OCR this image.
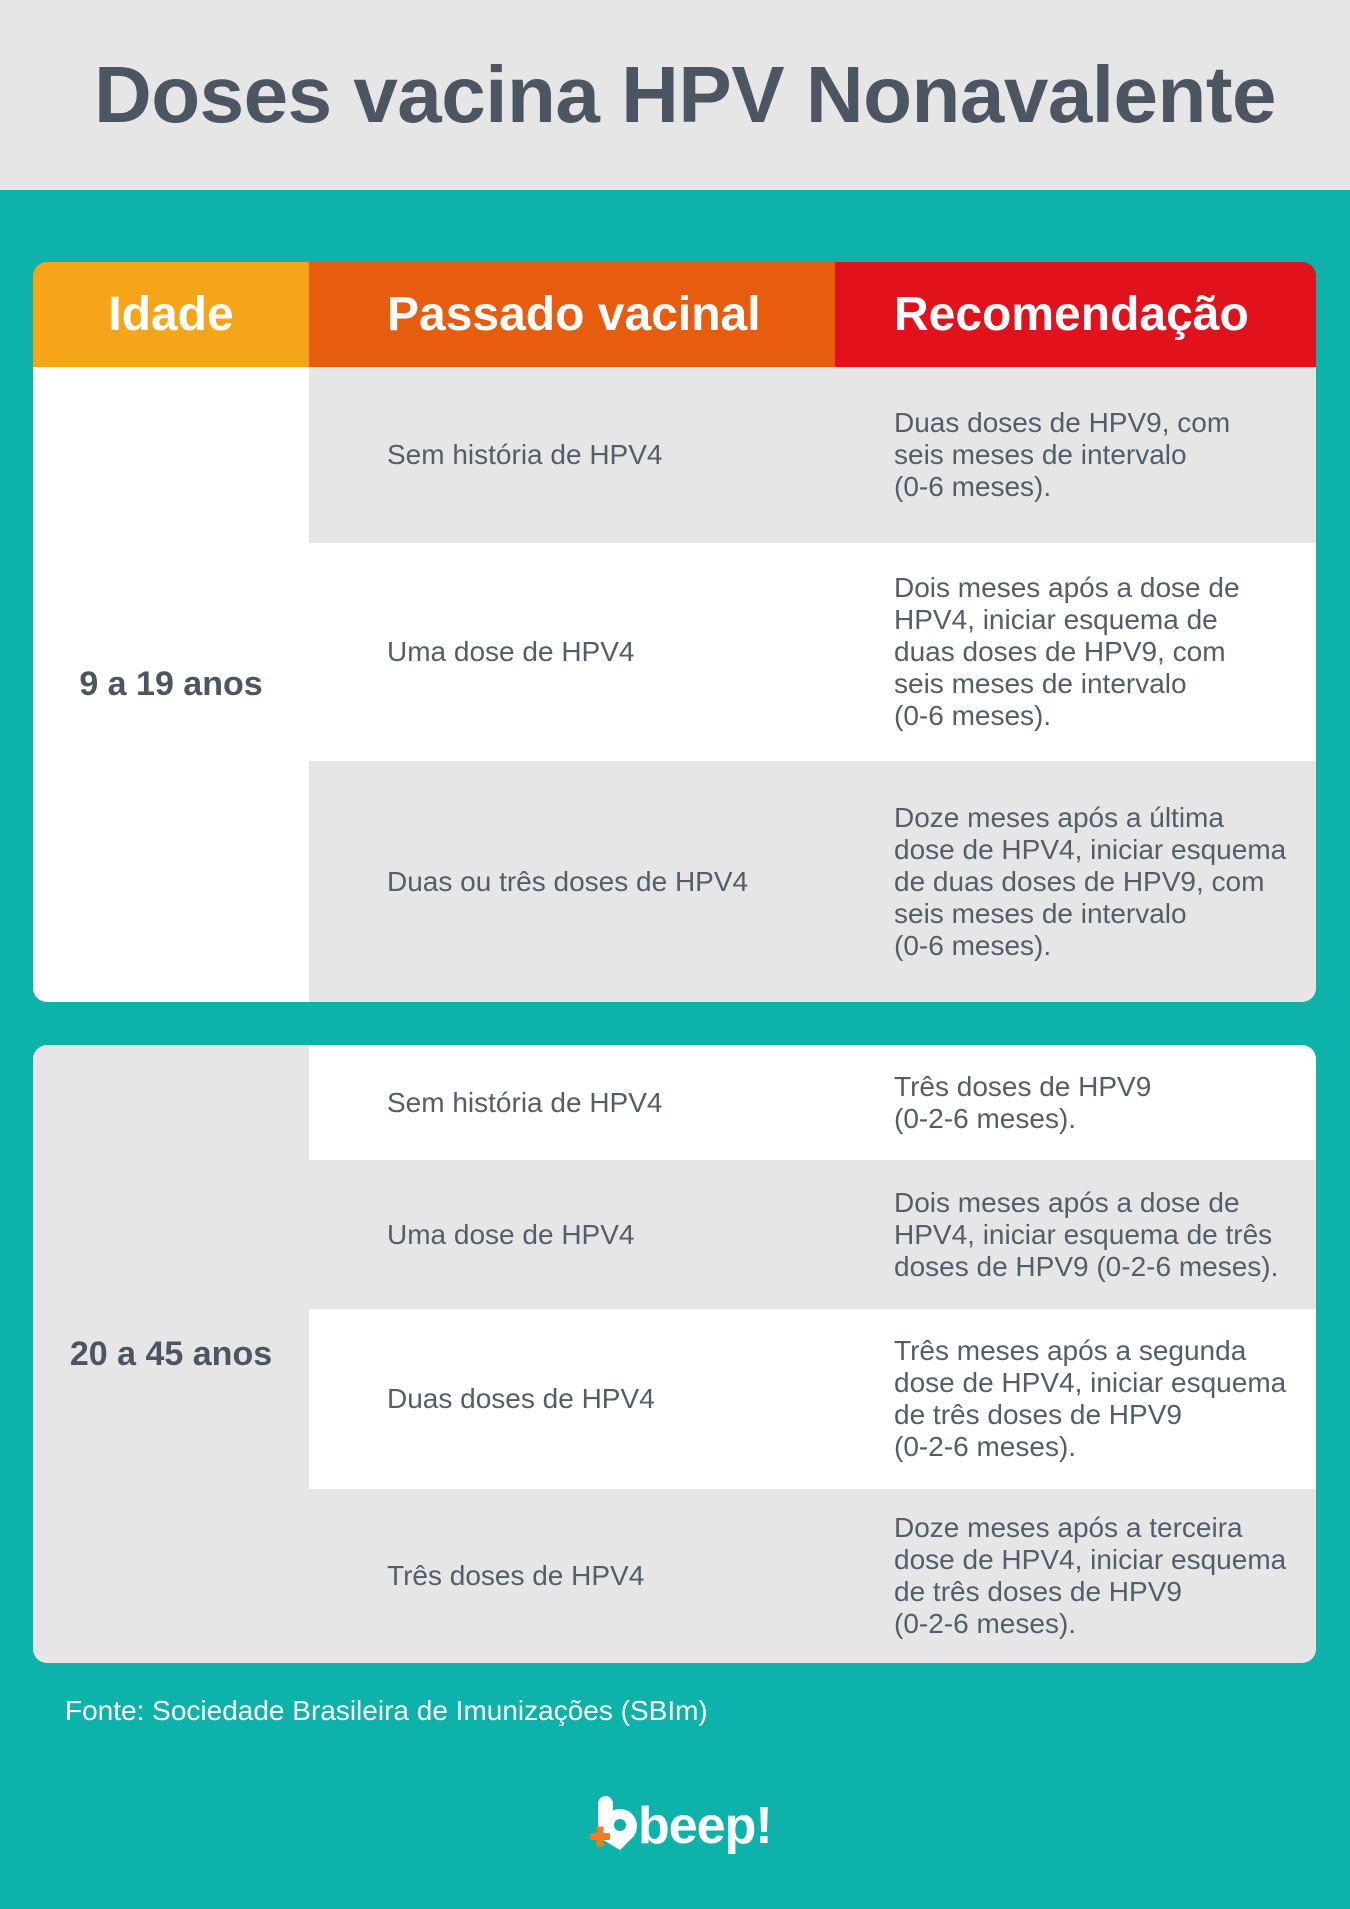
Doses vacina HPV Nonavalente
Idade	Passado vacinal	Recomendação
9 a 19 anos
Sem história de HPV4
Duas doses de HPV9, com
seis meses de intervalo
(0-6 meses).
Uma dose de HPV4
Dois meses após a dose de
HPV4, iniciar esquema de
duas doses de HPV9, com
seis meses de intervalo
(0-6 meses).
Duas ou três doses de HPV4
Doze meses após a última
dose de HPV4, iniciar esquema
de duas doses de HPV9, com
seis meses de intervalo
(0-6 meses).
20 a 45 anos
Sem história de HPV4
Três doses de HPV9
(0-2-6 meses).
Uma dose de HPV4
Dois meses após a dose de
HPV4, iniciar esquema de três
doses de HPV9 (0-2-6 meses).
Duas doses de HPV4
Três meses após a segunda
dose de HPV4, iniciar esquema
de três doses de HPV9
(0-2-6 meses).
Três doses de HPV4
Doze meses após a terceira
dose de HPV4, iniciar esquema
de três doses de HPV9
(0-2-6 meses).
Fonte: Sociedade Brasileira de Imunizações (SBIm)
beep!
